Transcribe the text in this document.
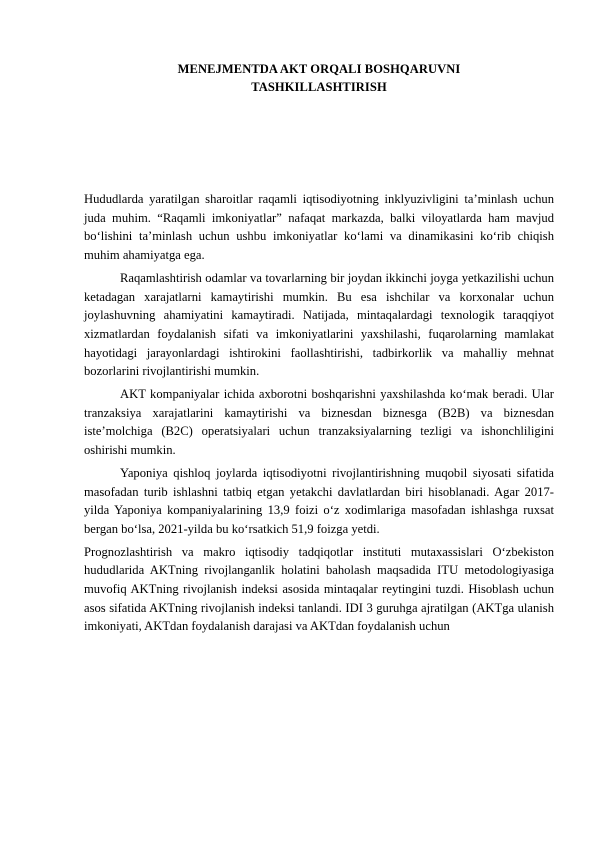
MENEJMENTDA AKT ORQALI BOSHQARUVNI
TASHKILLASHTIRISH

Hududlarda yaratilgan sharoitlar raqamli iqtisodiyotning inklyuzivligini ta’minlash uchun juda muhim. “Raqamli imkoniyatlar” nafaqat markazda, balki viloyatlarda ham mavjud bo‘lishini ta’minlash uchun ushbu imkoniyatlar ko‘lami va dinamikasini ko‘rib chiqish muhim ahamiyatga ega.

Raqamlashtirish odamlar va tovarlarning bir joydan ikkinchi joyga yetkazilishi uchun ketadagan xarajatlarni kamaytirishi mumkin. Bu esa ishchilar va korxonalar uchun joylashuvning ahamiyatini kamaytiradi. Natijada, mintaqalardagi texnologik taraqqiyot xizmatlardan foydalanish sifati va imkoniyatlarini yaxshilashi, fuqarolarning mamlakat hayotidagi jarayonlardagi ishtirokini faollashtirishi, tadbirkorlik va mahalliy mehnat bozorlarini rivojlantirishi mumkin.

AKT kompaniyalar ichida axborotni boshqarishni yaxshilashda ko‘mak beradi. Ular tranzaksiya xarajatlarini kamaytirishi va biznesdan biznesga (B2B) va biznesdan iste’molchiga (B2C) operatsiyalari uchun tranzaksiyalarning tezligi va ishonchliligini oshirishi mumkin.

Yaponiya qishloq joylarda iqtisodiyotni rivojlantirishning muqobil siyosati sifatida masofadan turib ishlashni tatbiq etgan yetakchi davlatlardan biri hisoblanadi. Agar 2017-yilda Yaponiya kompaniyalarining 13,9 foizi o‘z xodimlariga masofadan ishlashga ruxsat bergan bo‘lsa, 2021-yilda bu ko‘rsatkich 51,9 foizga yetdi.

Prognozlashtirish va makro iqtisodiy tadqiqotlar instituti mutaxassislari O‘zbekiston hududlarida AKTning rivojlanganlik holatini baholash maqsadida ITU metodologiyasiga muvofiq AKTning rivojlanish indeksi asosida mintaqalar reytingini tuzdi. Hisoblash uchun asos sifatida AKTning rivojlanish indeksi tanlandi. IDI 3 guruhga ajratilgan (AKTga ulanish imkoniyati, AKTdan foydalanish darajasi va AKTdan foydalanish uchun
